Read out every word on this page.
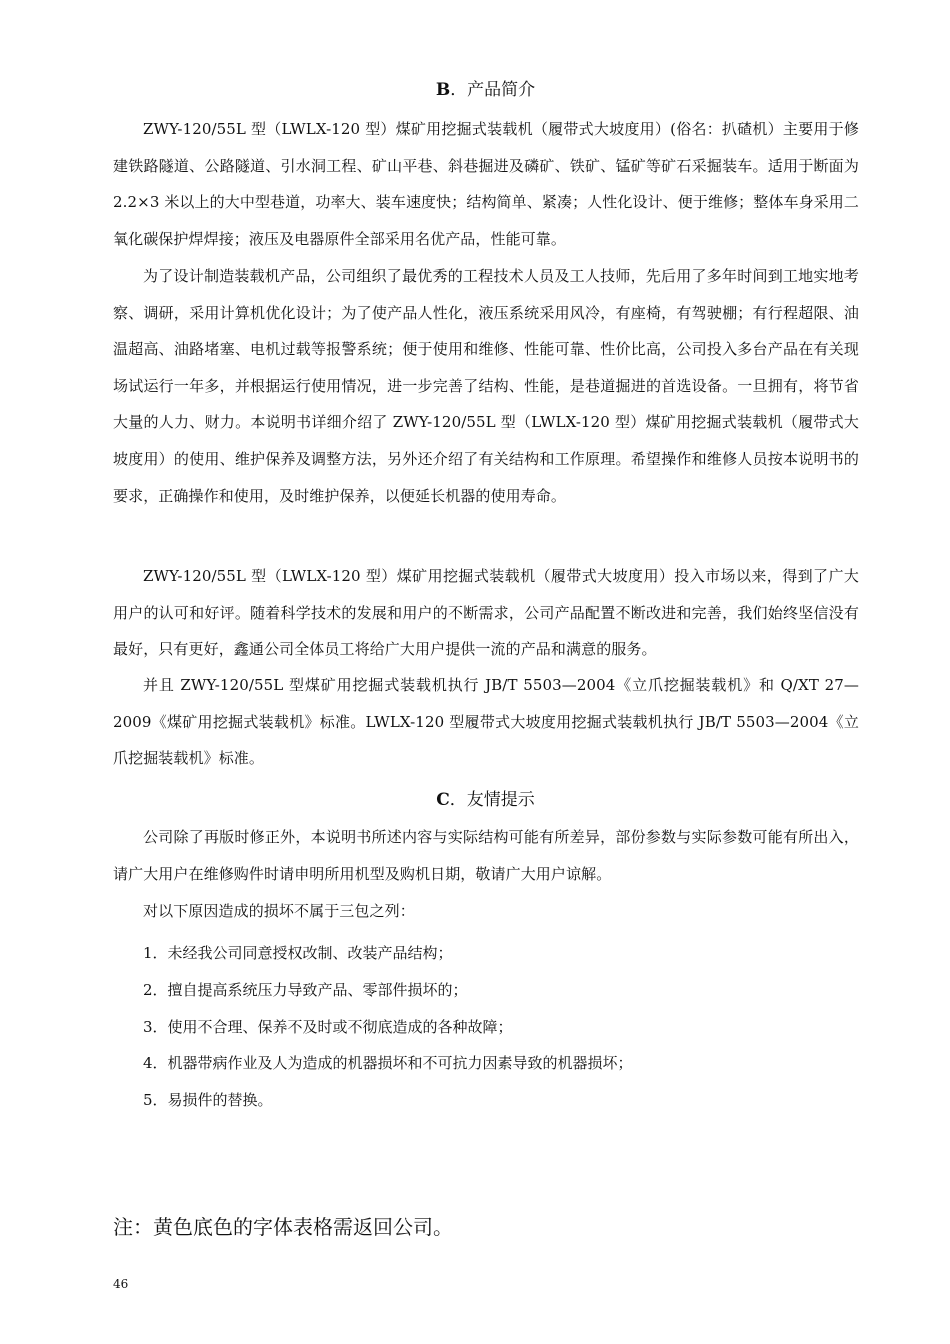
B．产品简介

ZWY-120/55L 型（LWLX-120 型）煤矿用挖掘式装载机（履带式大坡度用）(俗名：扒碴机）主要用于修建铁路隧道、公路隧道、引水洞工程、矿山平巷、斜巷掘进及磷矿、铁矿、锰矿等矿石采掘装车。适用于断面为 2.2×3 米以上的大中型巷道，功率大、装车速度快；结构简单、紧凑；人性化设计、便于维修；整体车身采用二氧化碳保护焊焊接；液压及电器原件全部采用名优产品，性能可靠。

为了设计制造装载机产品，公司组织了最优秀的工程技术人员及工人技师，先后用了多年时间到工地实地考察、调研，采用计算机优化设计；为了使产品人性化，液压系统采用风冷，有座椅，有驾驶棚；有行程超限、油温超高、油路堵塞、电机过载等报警系统；便于使用和维修、性能可靠、性价比高，公司投入多台产品在有关现场试运行一年多，并根据运行使用情况，进一步完善了结构、性能，是巷道掘进的首选设备。一旦拥有，将节省大量的人力、财力。本说明书详细介绍了 ZWY-120/55L 型（LWLX-120 型）煤矿用挖掘式装载机（履带式大坡度用）的使用、维护保养及调整方法，另外还介绍了有关结构和工作原理。希望操作和维修人员按本说明书的要求，正确操作和使用，及时维护保养，以便延长机器的使用寿命。

ZWY-120/55L 型（LWLX-120 型）煤矿用挖掘式装载机（履带式大坡度用）投入市场以来，得到了广大用户的认可和好评。随着科学技术的发展和用户的不断需求，公司产品配置不断改进和完善，我们始终坚信没有最好，只有更好，鑫通公司全体员工将给广大用户提供一流的产品和满意的服务。

并且 ZWY-120/55L 型煤矿用挖掘式装载机执行 JB/T 5503—2004《立爪挖掘装载机》和 Q/XT 27—2009《煤矿用挖掘式装载机》标准。LWLX-120 型履带式大坡度用挖掘式装载机执行 JB/T 5503—2004《立爪挖掘装载机》标准。

C．友情提示

公司除了再版时修正外，本说明书所述内容与实际结构可能有所差异，部份参数与实际参数可能有所出入，请广大用户在维修购件时请申明所用机型及购机日期，敬请广大用户谅解。

对以下原因造成的损坏不属于三包之列：

1．未经我公司同意授权改制、改装产品结构；

2．擅自提高系统压力导致产品、零部件损坏的；

3．使用不合理、保养不及时或不彻底造成的各种故障；

4．机器带病作业及人为造成的机器损坏和不可抗力因素导致的机器损坏；

5．易损件的替换。

注：黄色底色的字体表格需返回公司。

46
